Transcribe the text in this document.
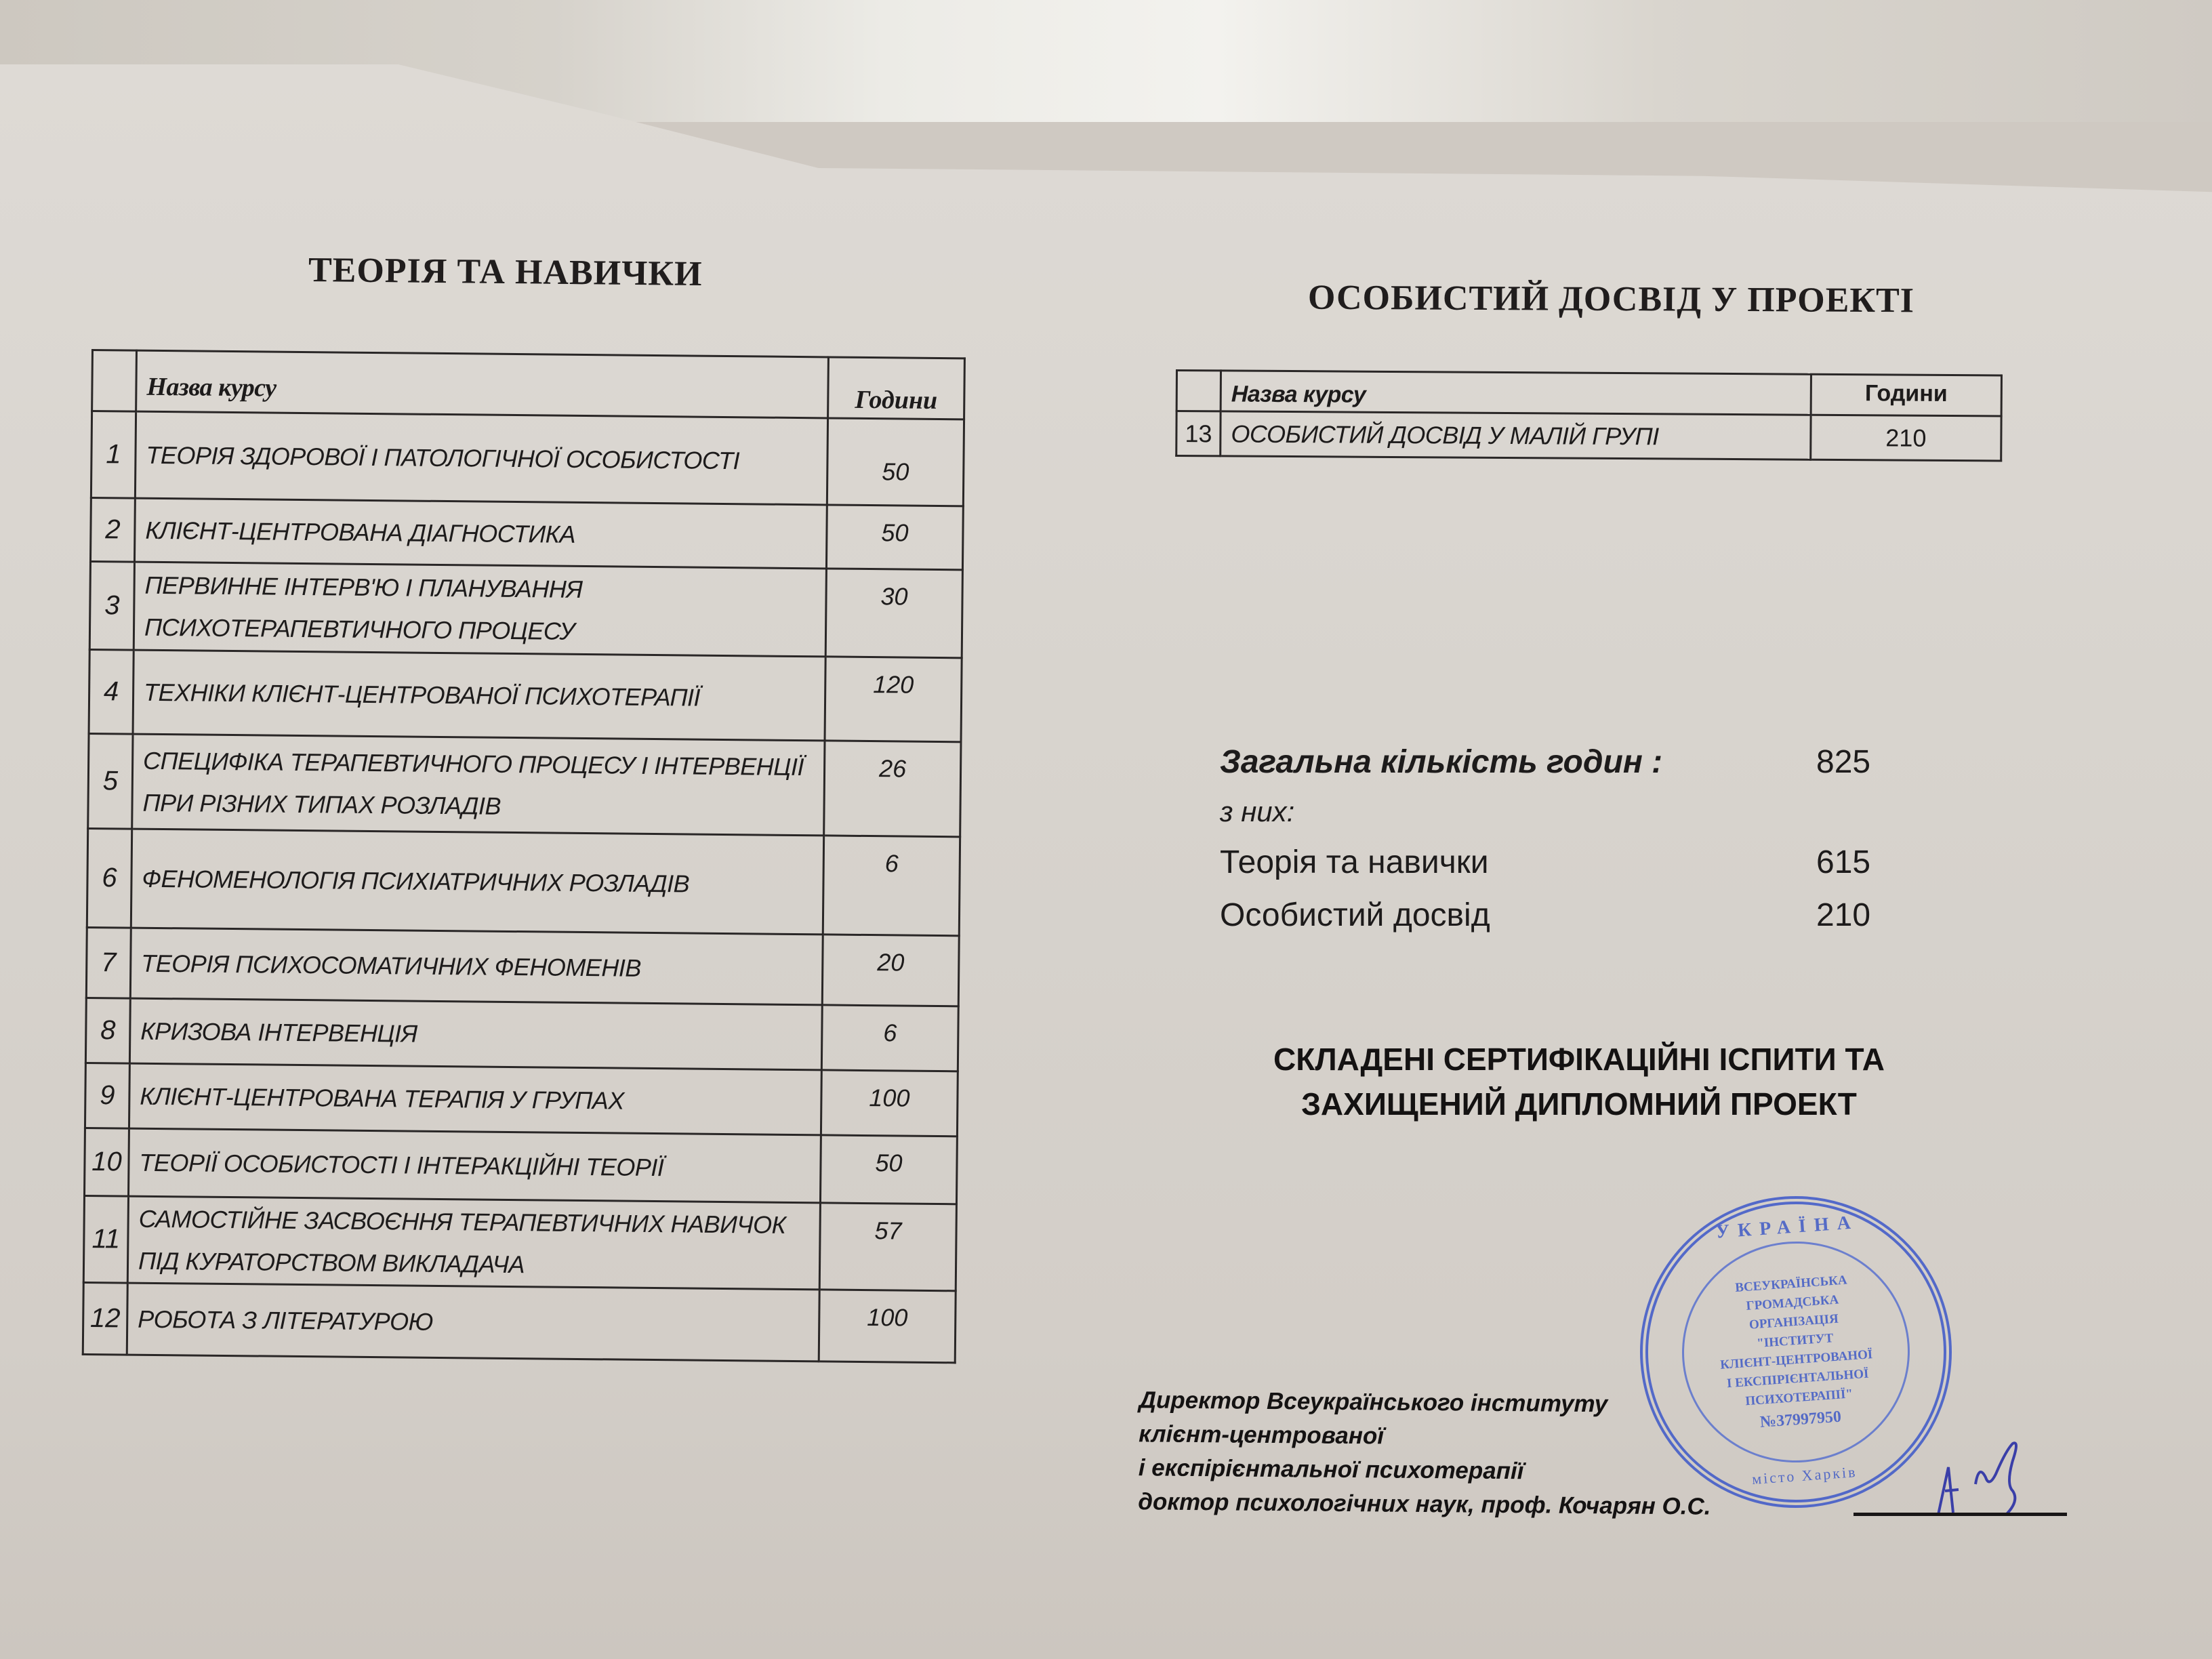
ТЕОРІЯ ТА НАВИЧКИ
	Назва курсу	Години
1	ТЕОРІЯ ЗДОРОВОЇ І ПАТОЛОГІЧНОЇ ОСОБИСТОСТІ	50
2	КЛІЄНТ-ЦЕНТРОВАНА ДІАГНОСТИКА	50
3	ПЕРВИННЕ ІНТЕРВ'Ю І ПЛАНУВАННЯ ПСИХОТЕРАПЕВТИЧНОГО ПРОЦЕСУ	30
4	ТЕХНІКИ КЛІЄНТ-ЦЕНТРОВАНОЇ ПСИХОТЕРАПІЇ	120
5	СПЕЦИФІКА ТЕРАПЕВТИЧНОГО ПРОЦЕСУ І ІНТЕРВЕНЦІЇ ПРИ РІЗНИХ ТИПАХ РОЗЛАДІВ	26
6	ФЕНОМЕНОЛОГІЯ ПСИХІАТРИЧНИХ РОЗЛАДІВ	6
7	ТЕОРІЯ ПСИХОСОМАТИЧНИХ ФЕНОМЕНІВ	20
8	КРИЗОВА ІНТЕРВЕНЦІЯ	6
9	КЛІЄНТ-ЦЕНТРОВАНА ТЕРАПІЯ У ГРУПАХ	100
10	ТЕОРІЇ ОСОБИСТОСТІ І ІНТЕРАКЦІЙНІ ТЕОРІЇ	50
11	САМОСТІЙНЕ ЗАСВОЄННЯ ТЕРАПЕВТИЧНИХ НАВИЧОК ПІД КУРАТОРСТВОМ ВИКЛАДАЧА	57
12	РОБОТА З ЛІТЕРАТУРОЮ	100
ОСОБИСТИЙ ДОСВІД У ПРОЕКТІ
	Назва курсу	Години
13	ОСОБИСТИЙ ДОСВІД У МАЛІЙ ГРУПІ	210
Загальна кількість годин :	825
з них:
Теорія та навички	615
Особистий досвід	210
СКЛАДЕНІ СЕРТИФІКАЦІЙНІ ІСПИТИ ТА
ЗАХИЩЕНИЙ ДИПЛОМНИЙ ПРОЕКТ
УКРАЇНА
ВСЕУКРАЇНСЬКА
ГРОМАДСЬКА
ОРГАНІЗАЦІЯ
"ІНСТИТУТ
КЛІЄНТ-ЦЕНТРОВАНОЇ
І ЕКСПІРІЄНТАЛЬНОЇ
ПСИХОТЕРАПІЇ"
№37997950
місто Харків
Директор Всеукраїнського інституту
клієнт-центрованої
і експірієнтальної психотерапії
доктор психологічних наук, проф. Кочарян О.С.
